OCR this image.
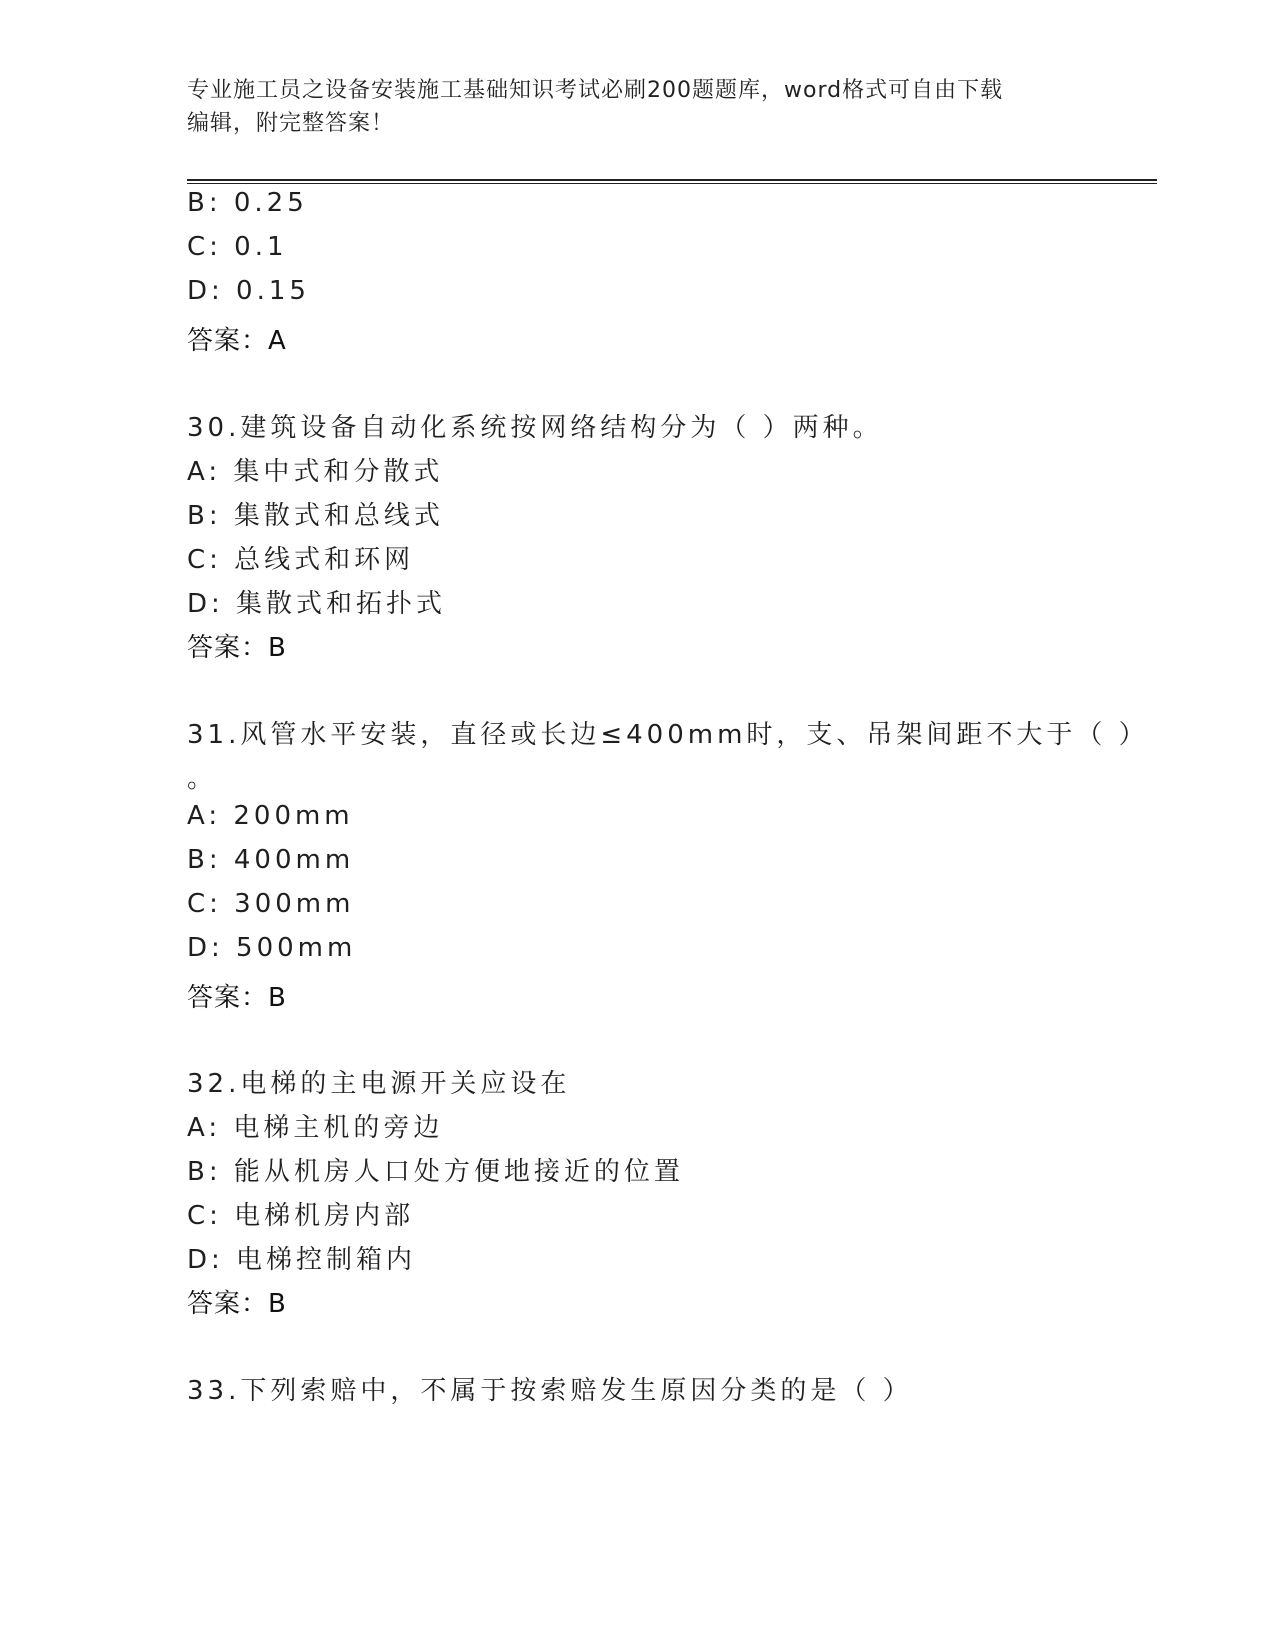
专业施工员之设备安装施工基础知识考试必刷200题题库，word格式可自由下载
编辑，附完整答案！
B: 0.25
C: 0.1
D: 0.15
答案：A
30.建筑设备自动化系统按网络结构分为（ ）两种。
A: 集中式和分散式
B: 集散式和总线式
C: 总线式和环网
D: 集散式和拓扑式
答案：B
31.风管水平安装，直径或长边≤400mm时，支、吊架间距不大于（ ）
。
A: 200mm
B: 400mm
C: 300mm
D: 500mm
答案：B
32.电梯的主电源开关应设在
A: 电梯主机的旁边
B: 能从机房人口处方便地接近的位置
C: 电梯机房内部
D: 电梯控制箱内
答案：B
33.下列索赔中，不属于按索赔发生原因分类的是（ ）
